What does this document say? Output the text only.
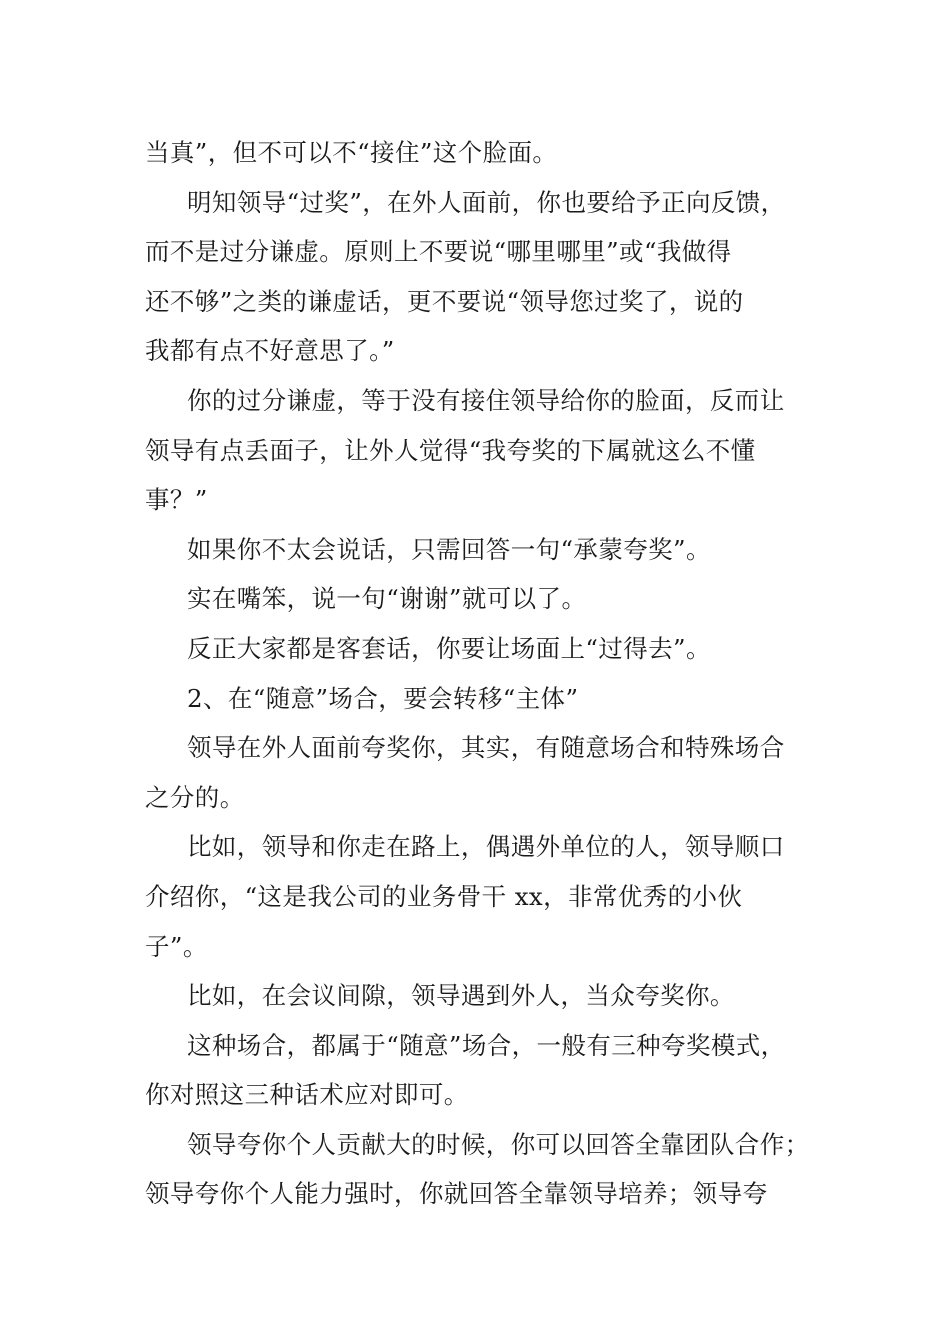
当真”，但不可以不“接住”这个脸面。
明知领导“过奖”，在外人面前，你也要给予正向反馈，
而不是过分谦虚。原则上不要说“哪里哪里”或“我做得
还不够”之类的谦虚话，更不要说“领导您过奖了，说的
我都有点不好意思了。”
你的过分谦虚，等于没有接住领导给你的脸面，反而让
领导有点丢面子，让外人觉得“我夸奖的下属就这么不懂
事？”
如果你不太会说话，只需回答一句“承蒙夸奖”。
实在嘴笨，说一句“谢谢”就可以了。
反正大家都是客套话，你要让场面上“过得去”。
2、在“随意”场合，要会转移“主体”
领导在外人面前夸奖你，其实，有随意场合和特殊场合
之分的。
比如，领导和你走在路上，偶遇外单位的人，领导顺口
介绍你，“这是我公司的业务骨干 xx，非常优秀的小伙
子”。
比如，在会议间隙，领导遇到外人，当众夸奖你。
这种场合，都属于“随意”场合，一般有三种夸奖模式，
你对照这三种话术应对即可。
领导夸你个人贡献大的时候，你可以回答全靠团队合作；
领导夸你个人能力强时，你就回答全靠领导培养；领导夸
